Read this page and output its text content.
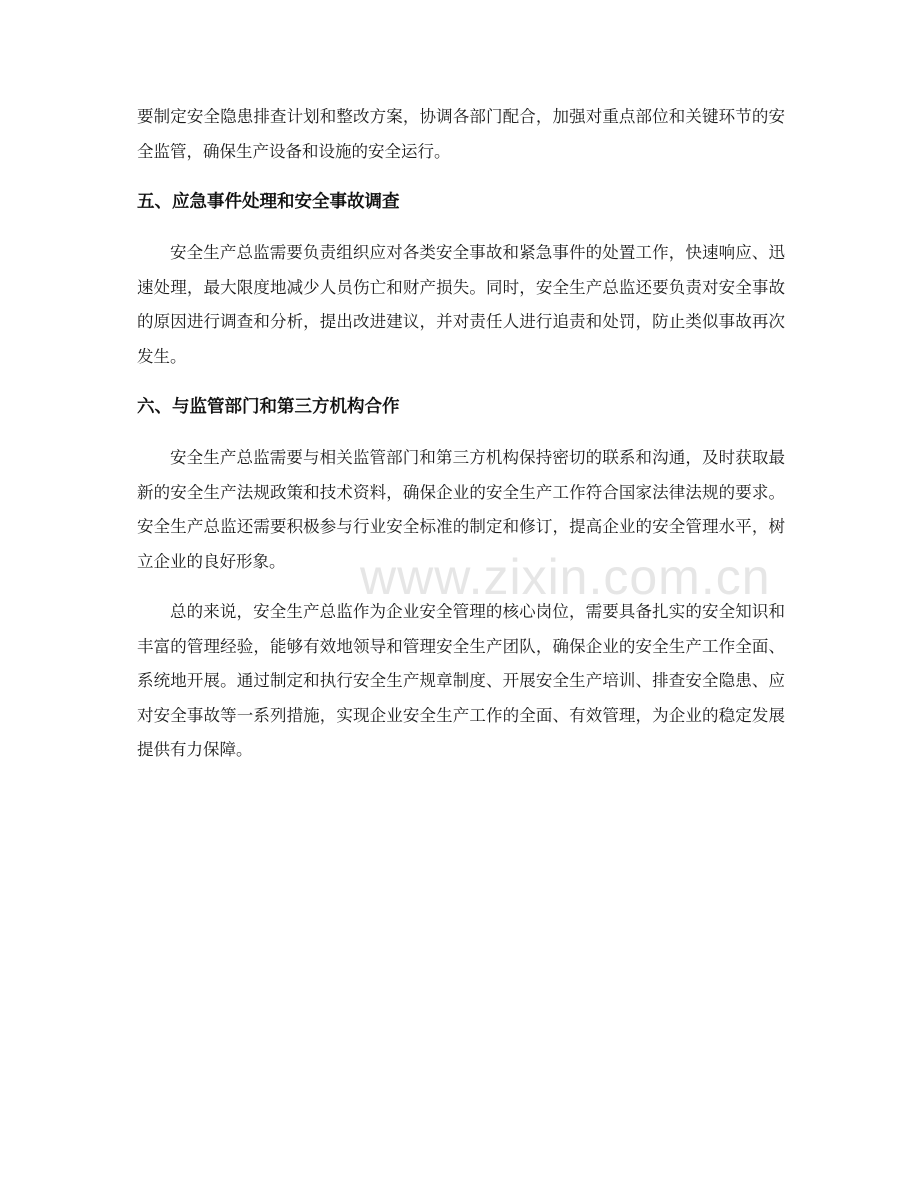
要制定安全隐患排查计划和整改方案，协调各部门配合，加强对重点部位和关键环节的安全监管，确保生产设备和设施的安全运行。

五、应急事件处理和安全事故调查

安全生产总监需要负责组织应对各类安全事故和紧急事件的处置工作，快速响应、迅速处理，最大限度地减少人员伤亡和财产损失。同时，安全生产总监还要负责对安全事故的原因进行调查和分析，提出改进建议，并对责任人进行追责和处罚，防止类似事故再次发生。

六、与监管部门和第三方机构合作

安全生产总监需要与相关监管部门和第三方机构保持密切的联系和沟通，及时获取最新的安全生产法规政策和技术资料，确保企业的安全生产工作符合国家法律法规的要求。安全生产总监还需要积极参与行业安全标准的制定和修订，提高企业的安全管理水平，树立企业的良好形象。

总的来说，安全生产总监作为企业安全管理的核心岗位，需要具备扎实的安全知识和丰富的管理经验，能够有效地领导和管理安全生产团队，确保企业的安全生产工作全面、系统地开展。通过制定和执行安全生产规章制度、开展安全生产培训、排查安全隐患、应对安全事故等一系列措施，实现企业安全生产工作的全面、有效管理，为企业的稳定发展提供有力保障。

www.zixin.com.cn
